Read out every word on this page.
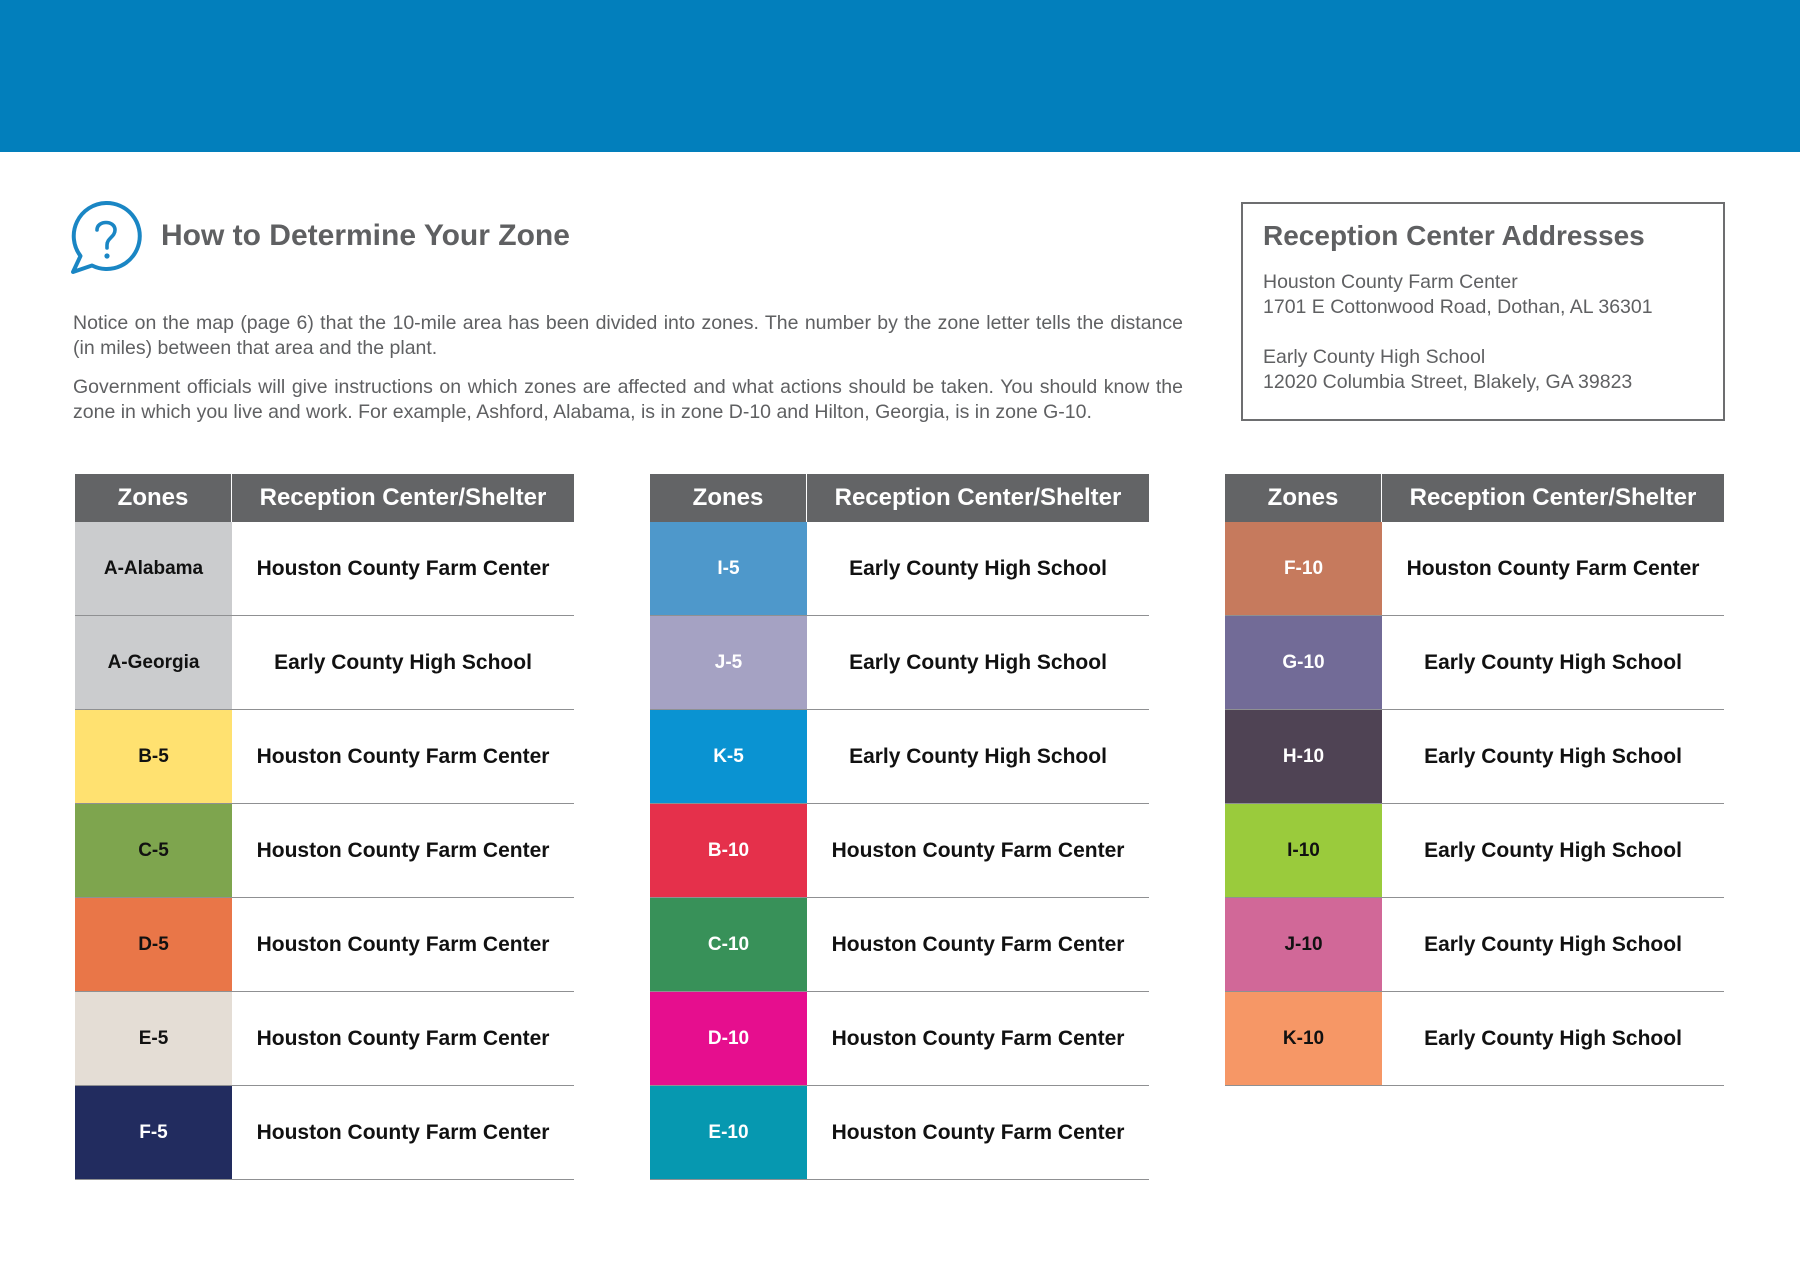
How to Determine Your Zone

Notice on the map (page 6) that the 10-mile area has been divided into zones. The number by the zone letter tells the distance (in miles) between that area and the plant.

Government officials will give instructions on which zones are affected and what actions should be taken. You should know the zone in which you live and work. For example, Ashford, Alabama, is in zone D-10 and Hilton, Georgia, is in zone G-10.

Reception Center Addresses
Houston County Farm Center
1701 E Cottonwood Road, Dothan, AL 36301
Early County High School
12020 Columbia Street, Blakely, GA 39823
Zones	Reception Center/Shelter
A-Alabama	Houston County Farm Center
A-Georgia	Early County High School
B-5	Houston County Farm Center
C-5	Houston County Farm Center
D-5	Houston County Farm Center
E-5	Houston County Farm Center
F-5	Houston County Farm Center
Zones	Reception Center/Shelter
I-5	Early County High School
J-5	Early County High School
K-5	Early County High School
B-10	Houston County Farm Center
C-10	Houston County Farm Center
D-10	Houston County Farm Center
E-10	Houston County Farm Center
Zones	Reception Center/Shelter
F-10	Houston County Farm Center
G-10	Early County High School
H-10	Early County High School
I-10	Early County High School
J-10	Early County High School
K-10	Early County High School
